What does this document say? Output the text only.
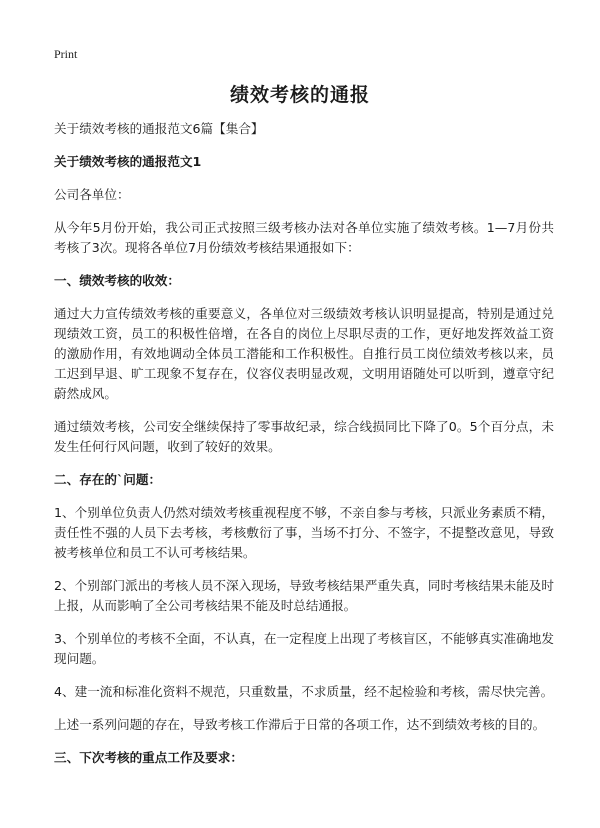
Print
绩效考核的通报

关于绩效考核的通报范文6篇【集合】

关于绩效考核的通报范文1

公司各单位：

从今年5月份开始，我公司正式按照三级考核办法对各单位实施了绩效考核。1—7月份共考核了3次。现将各单位7月份绩效考核结果通报如下：

一、绩效考核的收效：

通过大力宣传绩效考核的重要意义，各单位对三级绩效考核认识明显提高，特别是通过兑现绩效工资，员工的积极性倍增，在各自的岗位上尽职尽责的工作，更好地发挥效益工资的激励作用，有效地调动全体员工潜能和工作积极性。自推行员工岗位绩效考核以来，员工迟到早退、旷工现象不复存在，仪容仪表明显改观，文明用语随处可以听到，遵章守纪蔚然成风。

通过绩效考核，公司安全继续保持了零事故纪录，综合线损同比下降了0。5个百分点，未发生任何行风问题，收到了较好的效果。

二、存在的`问题：

1、个别单位负责人仍然对绩效考核重视程度不够，不亲自参与考核，只派业务素质不精，责任性不强的人员下去考核，考核敷衍了事，当场不打分、不签字，不提整改意见，导致被考核单位和员工不认可考核结果。

2、个别部门派出的考核人员不深入现场，导致考核结果严重失真，同时考核结果未能及时上报，从而影响了全公司考核结果不能及时总结通报。

3、个别单位的考核不全面，不认真，在一定程度上出现了考核盲区，不能够真实准确地发现问题。

4、建一流和标准化资料不规范，只重数量，不求质量，经不起检验和考核，需尽快完善。

上述一系列问题的存在，导致考核工作滞后于日常的各项工作，达不到绩效考核的目的。

三、下次考核的重点工作及要求：
